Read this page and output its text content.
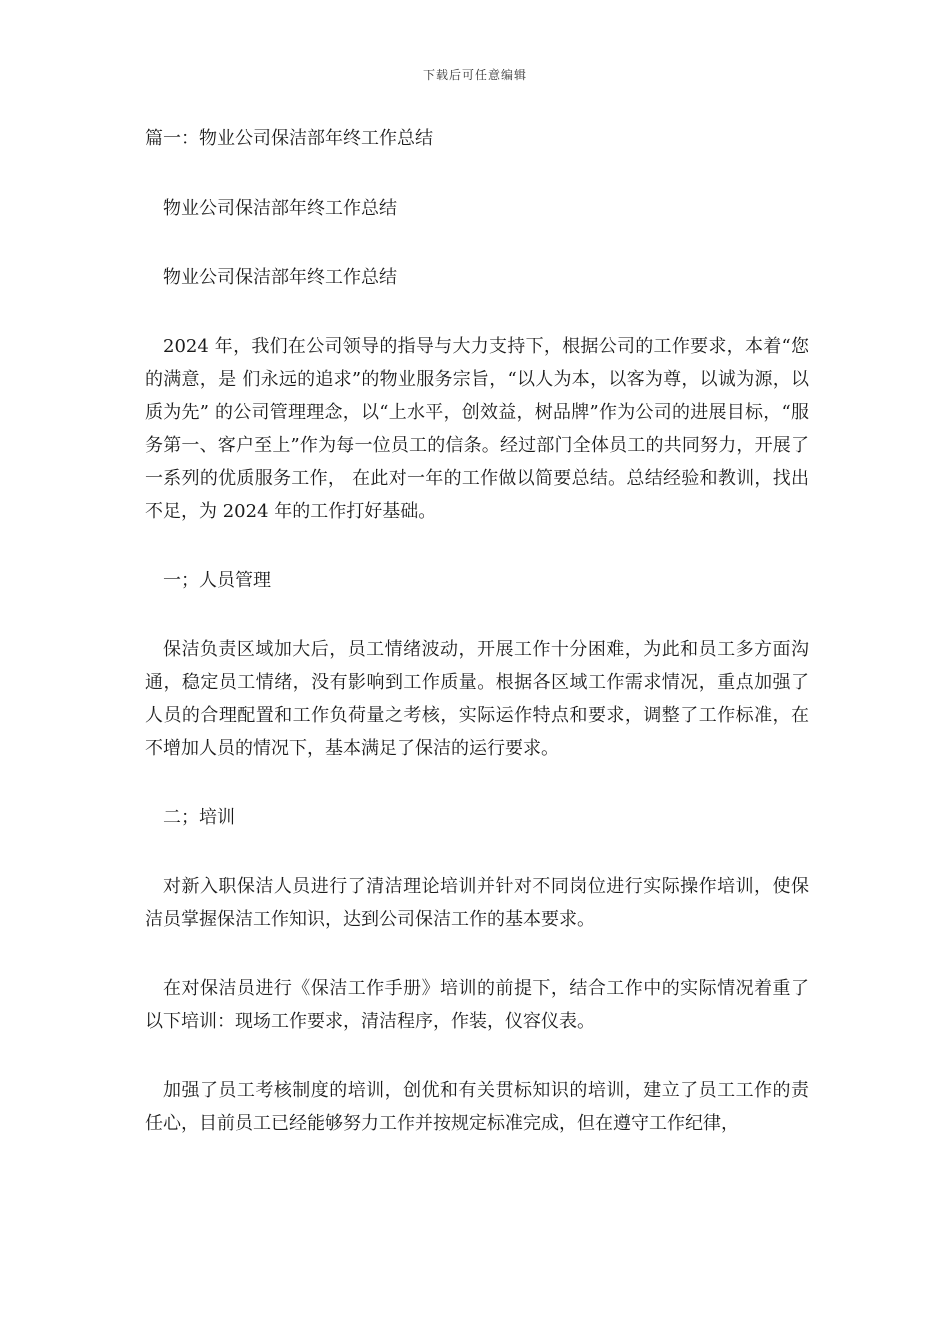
下载后可任意编辑

篇一：物业公司保洁部年终工作总结

物业公司保洁部年终工作总结

物业公司保洁部年终工作总结

2024 年，我们在公司领导的指导与大力支持下，根据公司的工作要求，本着“您的满意，是 们永远的追求”的物业服务宗旨，“以人为本，以客为尊，以诚为源，以质为先” 的公司管理理念，以“上水平，创效益，树品牌”作为公司的进展目标，“服务第一、客户至上”作为每一位员工的信条。经过部门全体员工的共同努力，开展了一系列的优质服务工作， 在此对一年的工作做以简要总结。总结经验和教训，找出不足，为 2024 年的工作打好基础。

一；人员管理

保洁负责区域加大后，员工情绪波动，开展工作十分困难，为此和员工多方面沟通，稳定员工情绪，没有影响到工作质量。根据各区域工作需求情况，重点加强了人员的合理配置和工作负荷量之考核，实际运作特点和要求，调整了工作标准，在不增加人员的情况下，基本满足了保洁的运行要求。

二；培训

对新入职保洁人员进行了清洁理论培训并针对不同岗位进行实际操作培训，使保洁员掌握保洁工作知识，达到公司保洁工作的基本要求。

在对保洁员进行《保洁工作手册》培训的前提下，结合工作中的实际情况着重了以下培训：现场工作要求，清洁程序，作装，仪容仪表。

加强了员工考核制度的培训，创优和有关贯标知识的培训，建立了员工工作的责任心，目前员工已经能够努力工作并按规定标准完成，但在遵守工作纪律，
